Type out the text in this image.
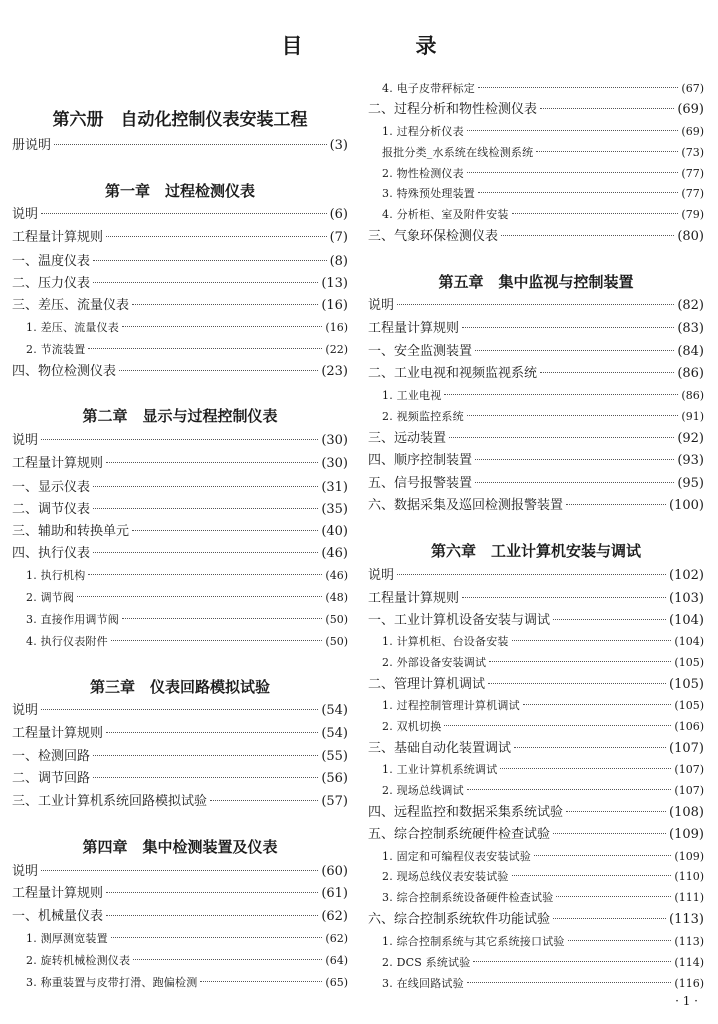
目　录
第六册　自动化控制仪表安装工程
册说明	(3)
第一章　过程检测仪表
说明	(6)
工程量计算规则	(7)
一、温度仪表	(8)
二、压力仪表	(13)
三、差压、流量仪表	(16)
1. 差压、流量仪表	(16)
2. 节流装置	(22)
四、物位检测仪表	(23)
第二章　显示与过程控制仪表
说明	(30)
工程量计算规则	(30)
一、显示仪表	(31)
二、调节仪表	(35)
三、辅助和转换单元	(40)
四、执行仪表	(46)
1. 执行机构	(46)
2. 调节阀	(48)
3. 直接作用调节阀	(50)
4. 执行仪表附件	(50)
第三章　仪表回路模拟试验
说明	(54)
工程量计算规则	(54)
一、检测回路	(55)
二、调节回路	(56)
三、工业计算机系统回路模拟试验	(57)
第四章　集中检测装置及仪表
说明	(60)
工程量计算规则	(61)
一、机械量仪表	(62)
1. 测厚测宽装置	(62)
2. 旋转机械检测仪表	(64)
3. 称重装置与皮带打滑、跑偏检测	(65)
4. 电子皮带秤标定	(67)
二、过程分析和物性检测仪表	(69)
1. 过程分析仪表	(69)
报批分类_水系统在线检测系统	(73)
2. 物性检测仪表	(77)
3. 特殊预处理装置	(77)
4. 分析柜、室及附件安装	(79)
三、气象环保检测仪表	(80)
第五章　集中监视与控制装置
说明	(82)
工程量计算规则	(83)
一、安全监测装置	(84)
二、工业电视和视频监视系统	(86)
1. 工业电视	(86)
2. 视频监控系统	(91)
三、远动装置	(92)
四、顺序控制装置	(93)
五、信号报警装置	(95)
六、数据采集及巡回检测报警装置	(100)
第六章　工业计算机安装与调试
说明	(102)
工程量计算规则	(103)
一、工业计算机设备安装与调试	(104)
1. 计算机柜、台设备安装	(104)
2. 外部设备安装调试	(105)
二、管理计算机调试	(105)
1. 过程控制管理计算机调试	(105)
2. 双机切换	(106)
三、基础自动化装置调试	(107)
1. 工业计算机系统调试	(107)
2. 现场总线调试	(107)
四、远程监控和数据采集系统试验	(108)
五、综合控制系统硬件检查试验	(109)
1. 固定和可编程仪表安装试验	(109)
2. 现场总线仪表安装试验	(110)
3. 综合控制系统设备硬件检查试验	(111)
六、综合控制系统软件功能试验	(113)
1. 综合控制系统与其它系统接口试验	(113)
2. DCS 系统试验	(114)
3. 在线回路试验	(116)
· 1 ·
